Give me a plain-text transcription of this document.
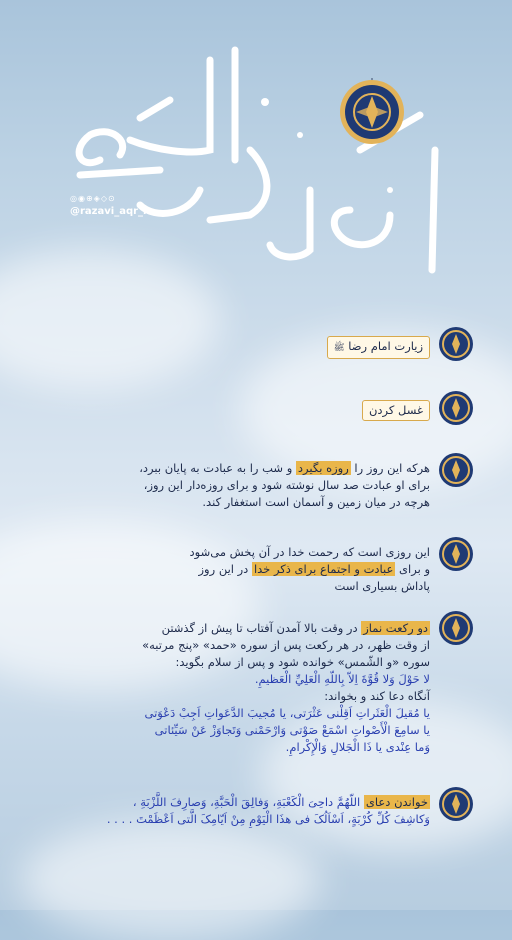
◎◉⊕◈◇⊙
@razavi_aqr_ir
زیارت امام رضا ﷺ
غسل کردن
هرکه این روز را روزه بگیرد و شب را به عبادت به پایان ببرد،
برای او عبادت صد سال نوشته شود و برای روزه‌دار این روز،
هرچه در میان زمین و آسمان است استغفار کند.
این روزی است که رحمت خدا در آن پخش می‌شود
و برای عبادت و اجتماع برای ذکر خدا در این روز
پاداش بسیاری است
دو رکعت نماز در وقت بالا آمدن آفتاب تا پیش از گذشتن
از وقت ظهر، در هر رکعت پس از سوره «حمد» «پنج مرتبه»
سوره «و الشّمس» خوانده شود و پس از سلام بگوید:
لا حَوْلَ وَلا قُوَّةَ اِلاّ بِاللّهِ الْعَلِيِّ الْعَظيمِ.
آنگاه دعا کند و بخواند:
یا مُقیلَ الْعَثَراتِ اَقِلْنی عَثْرَتی، یا مُجیبَ الدَّعَواتِ اَجِبْ دَعْوَتی
یا سامِعَ الْأَصْواتِ اسْمَعْ صَوْتی وَارْحَمْنی وَتَجاوَزْ عَنْ سَیِّئاتی
وَما عِنْدی یا ذَا الْجَلالِ وَالْإِکْرامِ.
خواندن دعای اللّهُمَّ داحِیَ الْکَعْبَةِ، وَفالِقَ الْحَبَّةِ، وَصارِفَ اللَّزْبَةِ ،
وَکاشِفَ کُلِّ کُرْبَةٍ، اَسْاَلُکَ فی هذَا الْیَوْمِ مِنْ اَیّامِکَ الَّتی اَعْظَمْتَ . . . .
